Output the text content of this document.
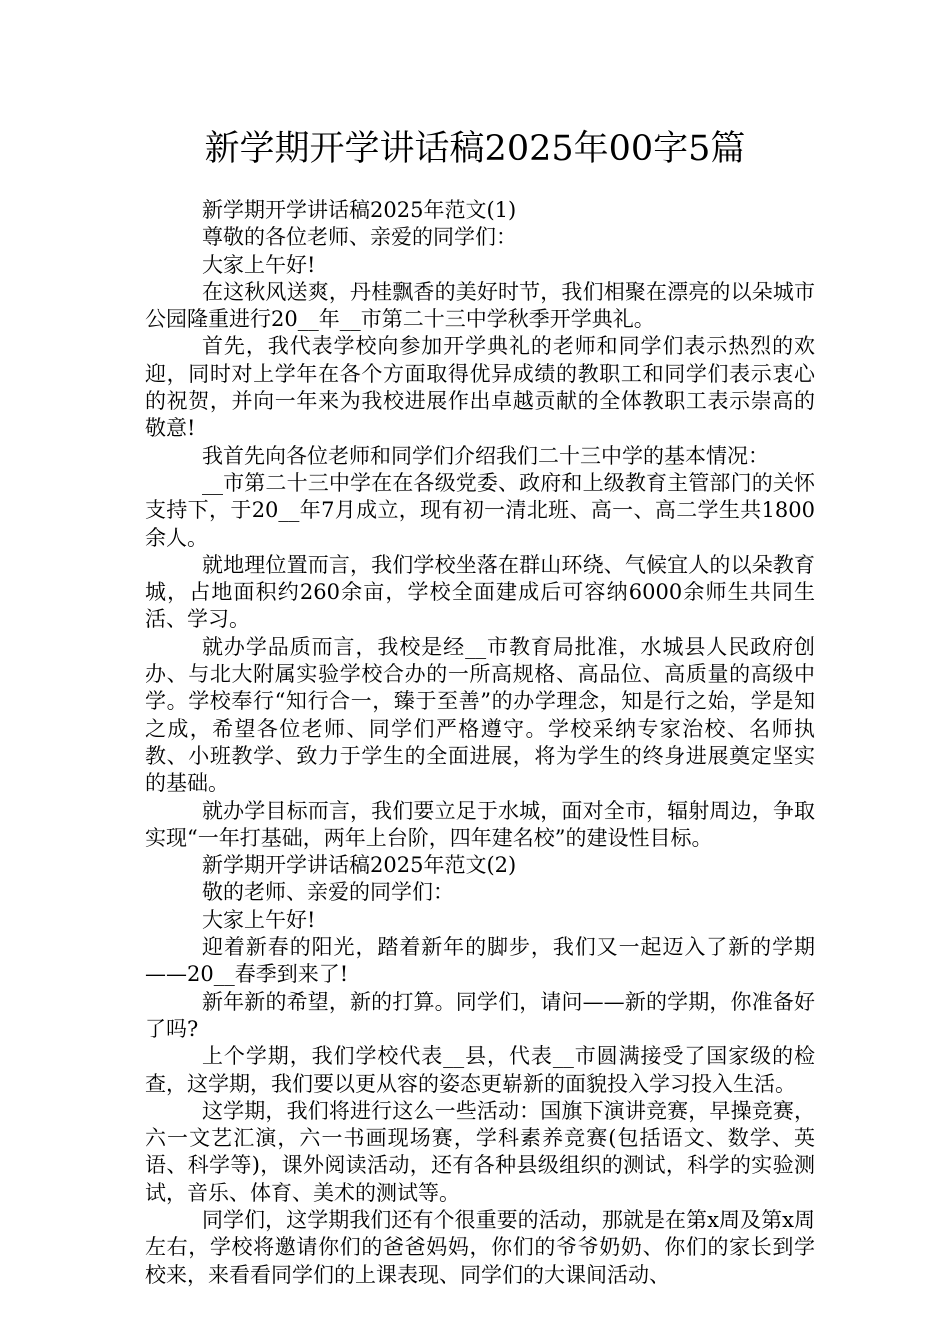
新学期开学讲话稿2025年00字5篇

新学期开学讲话稿2025年范文(1)

尊敬的各位老师、亲爱的同学们：

大家上午好!

在这秋风送爽，丹桂飘香的美好时节，我们相聚在漂亮的以朵城市公园隆重进行20__年__市第二十三中学秋季开学典礼。

首先，我代表学校向参加开学典礼的老师和同学们表示热烈的欢迎，同时对上学年在各个方面取得优异成绩的教职工和同学们表示衷心的祝贺，并向一年来为我校进展作出卓越贡献的全体教职工表示崇高的敬意!

我首先向各位老师和同学们介绍我们二十三中学的基本情况：

__市第二十三中学在在各级党委、政府和上级教育主管部门的关怀支持下，于20__年7月成立，现有初一清北班、高一、高二学生共1800余人。

就地理位置而言，我们学校坐落在群山环绕、气候宜人的以朵教育城，占地面积约260余亩，学校全面建成后可容纳6000余师生共同生活、学习。

就办学品质而言，我校是经__市教育局批准，水城县人民政府创办、与北大附属实验学校合办的一所高规格、高品位、高质量的高级中学。学校奉行“知行合一，臻于至善”的办学理念，知是行之始，学是知之成，希望各位老师、同学们严格遵守。学校采纳专家治校、名师执教、小班教学、致力于学生的全面进展，将为学生的终身进展奠定坚实的基础。

就办学目标而言，我们要立足于水城，面对全市，辐射周边，争取实现“一年打基础，两年上台阶，四年建名校”的建设性目标。

新学期开学讲话稿2025年范文(2)

敬的老师、亲爱的同学们：

大家上午好!

迎着新春的阳光，踏着新年的脚步，我们又一起迈入了新的学期——20__春季到来了!

新年新的希望，新的打算。同学们，请问——新的学期，你准备好了吗?

上个学期，我们学校代表__县，代表__市圆满接受了国家级的检查，这学期，我们要以更从容的姿态更崭新的面貌投入学习投入生活。

这学期，我们将进行这么一些活动：国旗下演讲竞赛，早操竞赛，六一文艺汇演，六一书画现场赛，学科素养竞赛(包括语文、数学、英语、科学等)，课外阅读活动，还有各种县级组织的测试，科学的实验测试，音乐、体育、美术的测试等。

同学们，这学期我们还有个很重要的活动，那就是在第x周及第x周左右，学校将邀请你们的爸爸妈妈，你们的爷爷奶奶、你们的家长到学校来，来看看同学们的上课表现、同学们的大课间活动、
